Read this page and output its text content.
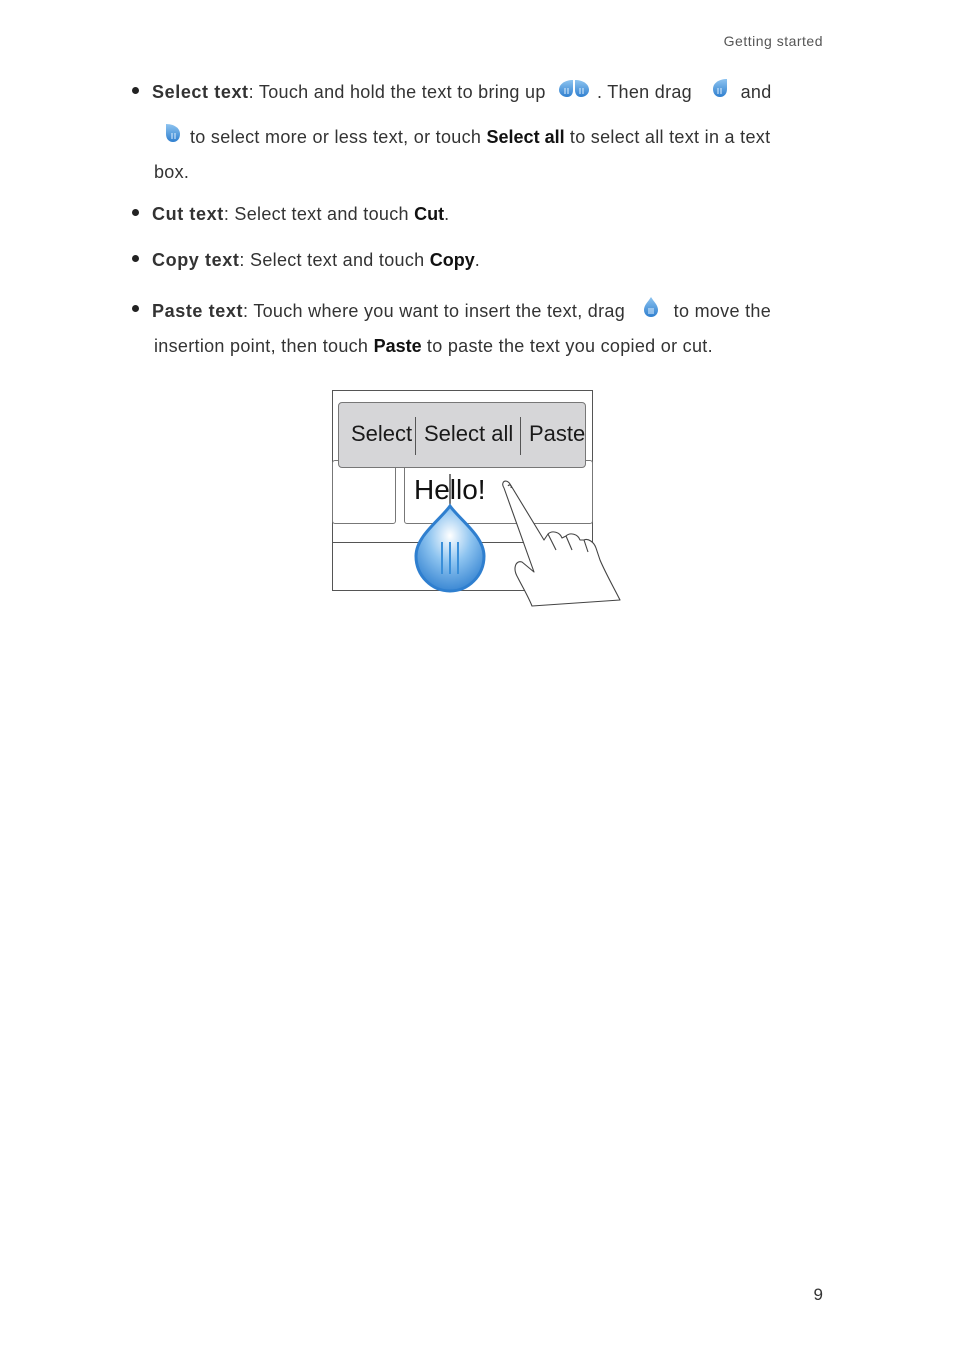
Getting started
Select text: Touch and hold the text to bring up	. Then drag	and
to select more or less text, or touch Select all to select all text in a text
box.
Cut text: Select text and touch Cut.
Copy text: Select text and touch Copy.
Paste text: Touch where you want to insert the text, drag	to move the
insertion point, then touch Paste to paste the text you copied or cut.
Hello!
Select Select all Paste
9
